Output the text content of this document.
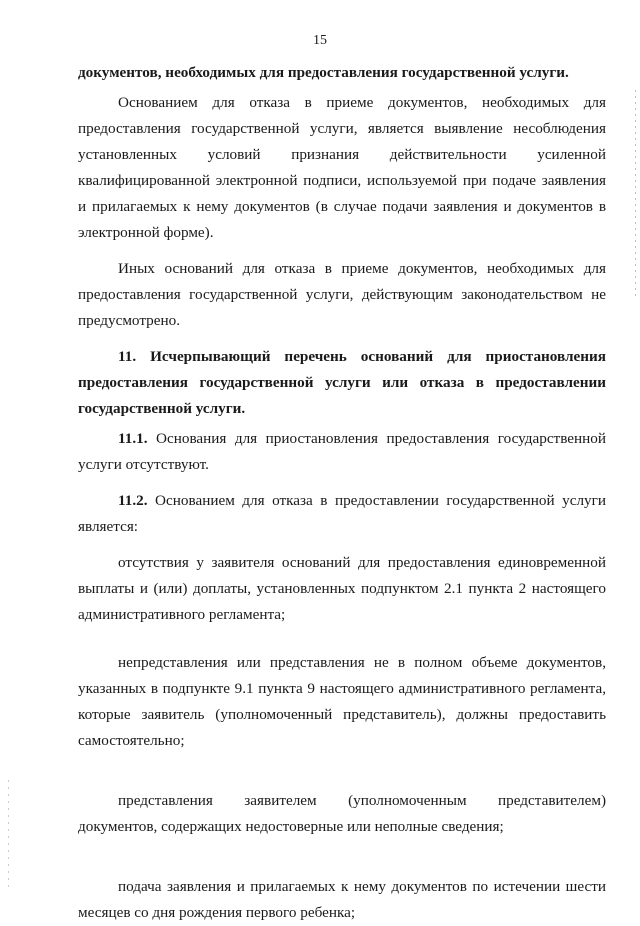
15

документов, необходимых для предоставления государственной услуги.

Основанием для отказа в приеме документов, необходимых для предоставления государственной услуги, является выявление несоблюдения установленных условий признания действительности усиленной квалифицированной электронной подписи, используемой при подаче заявления и прилагаемых к нему документов (в случае подачи заявления и документов в электронной форме).

Иных оснований для отказа в приеме документов, необходимых для предоставления государственной услуги, действующим законодательством не предусмотрено.

11. Исчерпывающий перечень оснований для приостановления предоставления государственной услуги или отказа в предоставлении государственной услуги.

11.1. Основания для приостановления предоставления государственной услуги отсутствуют.

11.2. Основанием для отказа в предоставлении государственной услуги является:

отсутствия у заявителя оснований для предоставления единовременной выплаты и (или) доплаты, установленных подпунктом 2.1 пункта 2 настоящего административного регламента;

непредставления или представления не в полном объеме документов, указанных в подпункте 9.1 пункта 9 настоящего административного регламента, которые заявитель (уполномоченный представитель), должны предоставить самостоятельно;

представления заявителем (уполномоченным представителем) документов, содержащих недостоверные или неполные сведения;

подача заявления и прилагаемых к нему документов по истечении шести месяцев со дня рождения первого ребенка;
